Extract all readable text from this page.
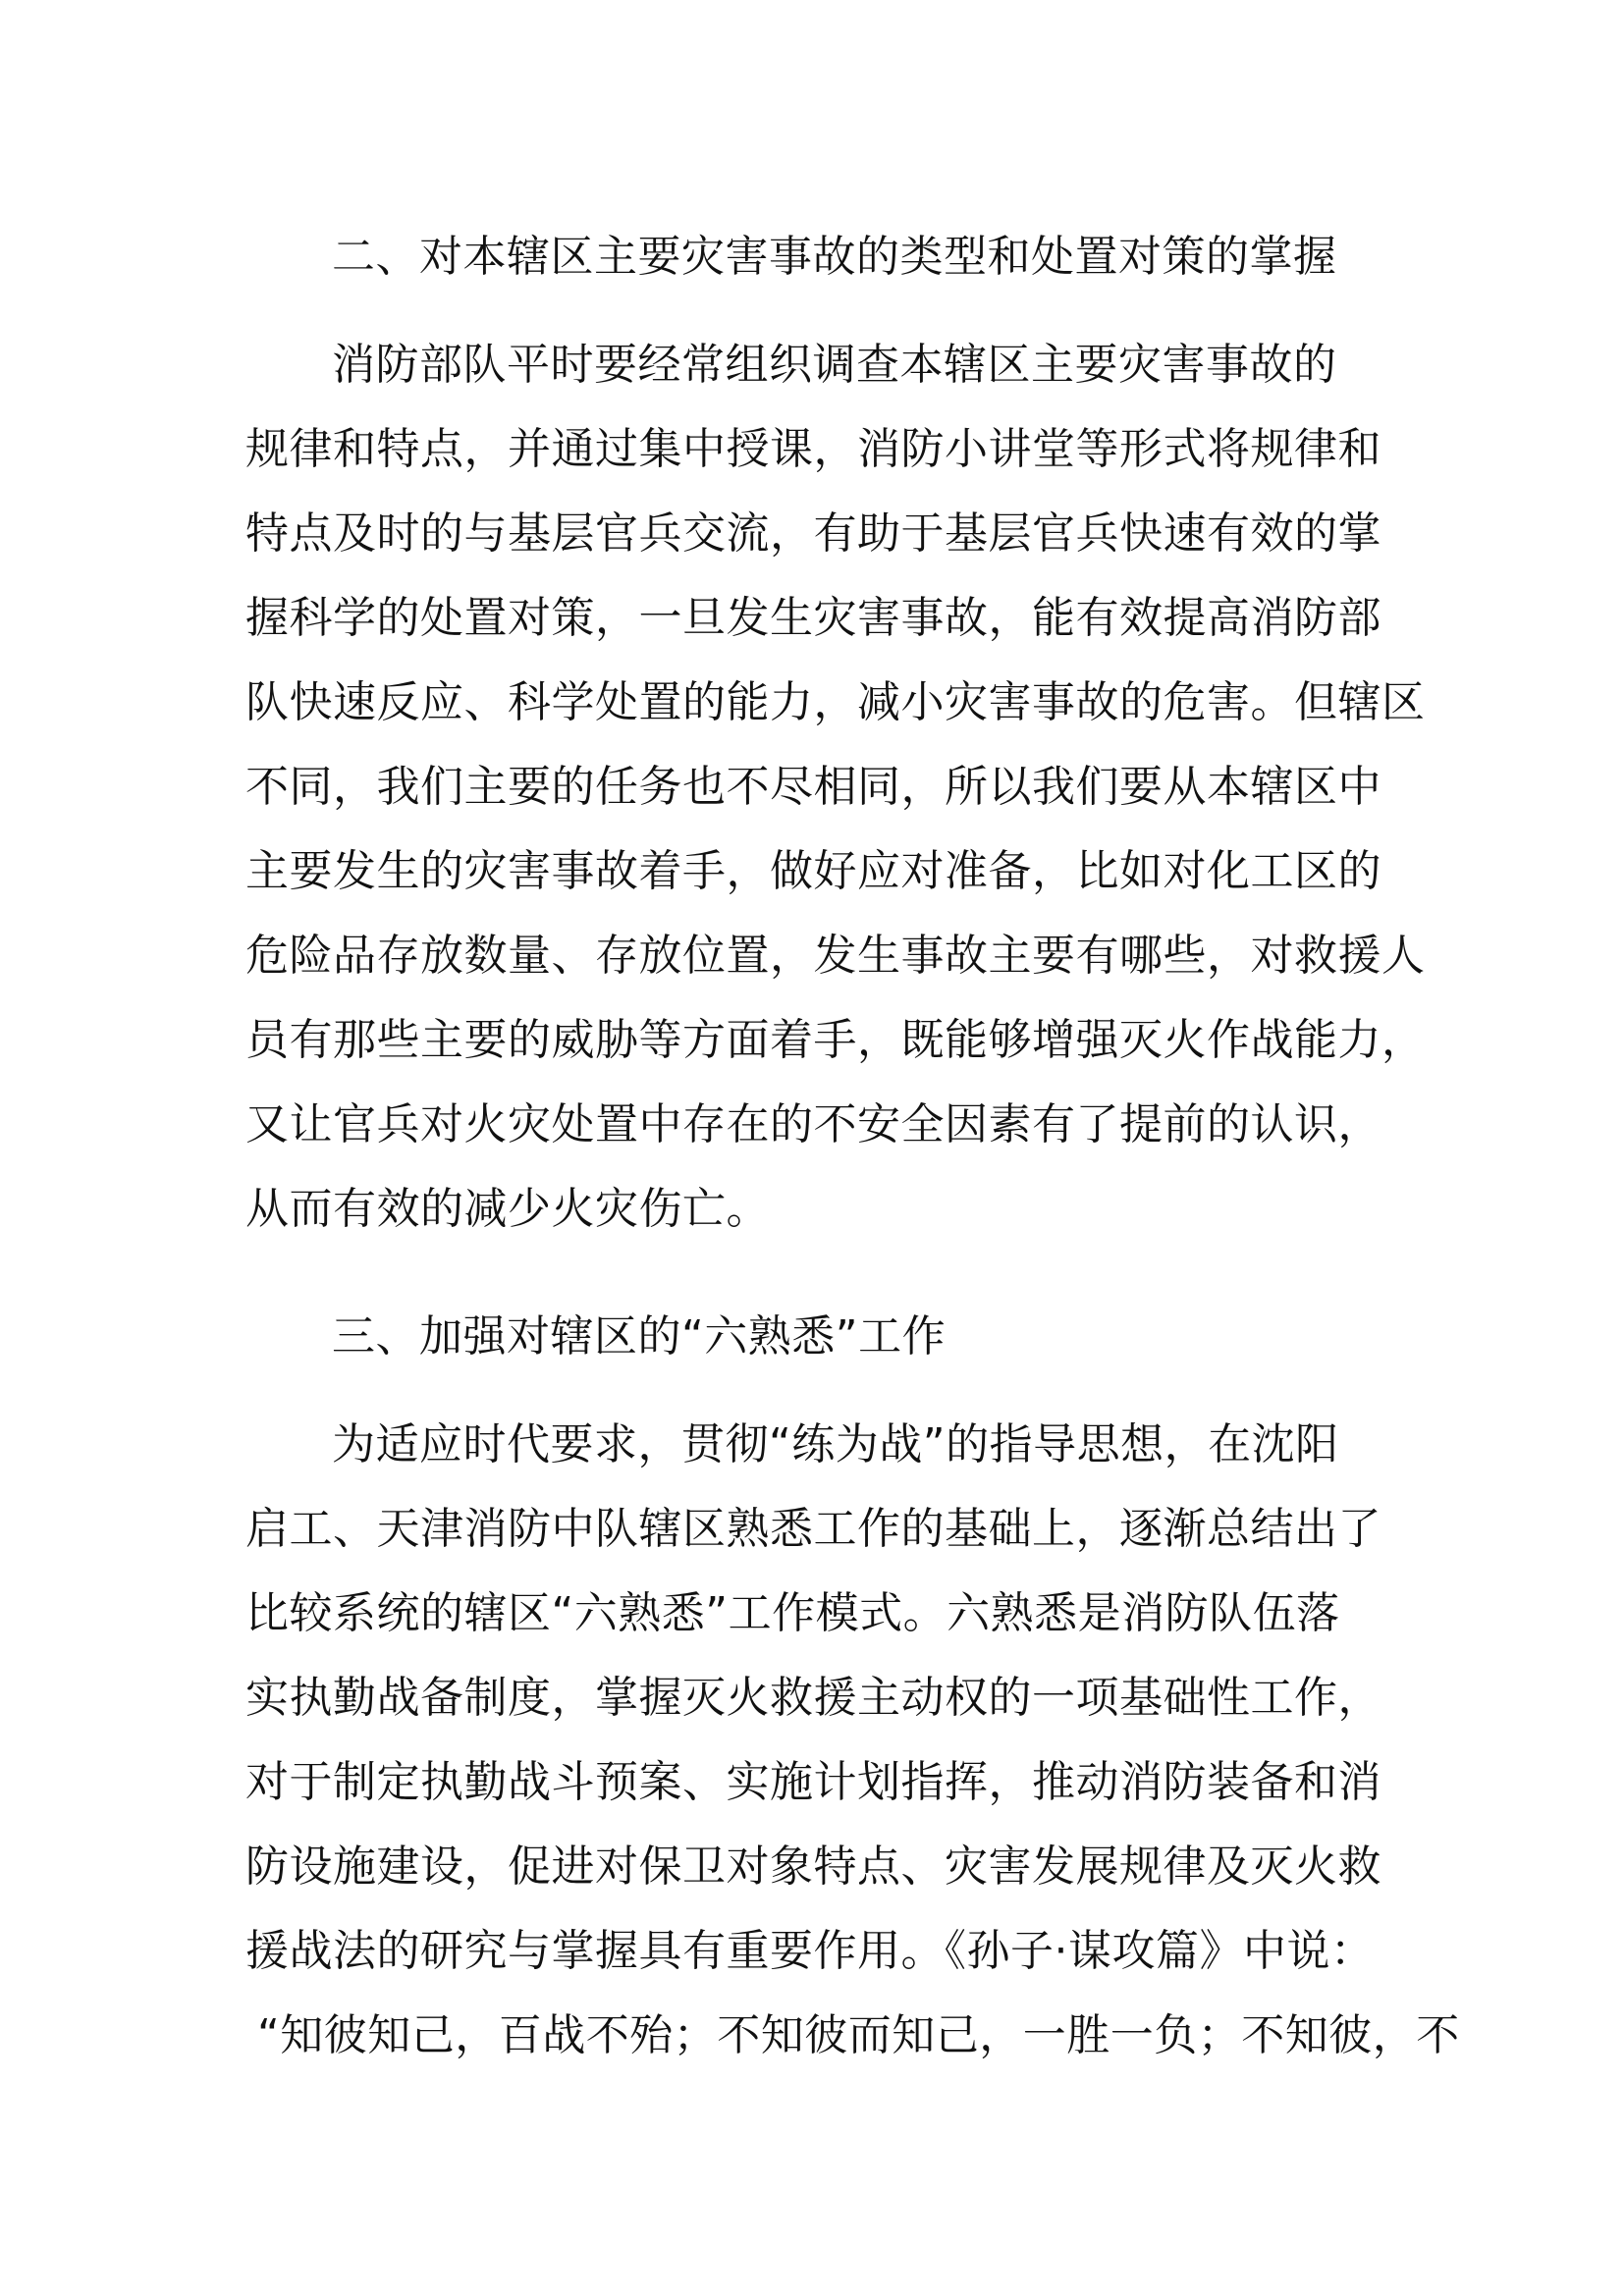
二、对本辖区主要灾害事故的类型和处置对策的掌握
消防部队平时要经常组织调查本辖区主要灾害事故的
规律和特点，并通过集中授课，消防小讲堂等形式将规律和
特点及时的与基层官兵交流，有助于基层官兵快速有效的掌
握科学的处置对策，一旦发生灾害事故，能有效提高消防部
队快速反应、科学处置的能力，减小灾害事故的危害。但辖区
不同，我们主要的任务也不尽相同，所以我们要从本辖区中
主要发生的灾害事故着手，做好应对准备，比如对化工区的
危险品存放数量、存放位置，发生事故主要有哪些，对救援人
员有那些主要的威胁等方面着手，既能够增强灭火作战能力，
又让官兵对火灾处置中存在的不安全因素有了提前的认识，
从而有效的减少火灾伤亡。
三、加强对辖区的“六熟悉”工作
为适应时代要求，贯彻“练为战”的指导思想，在沈阳
启工、天津消防中队辖区熟悉工作的基础上，逐渐总结出了
比较系统的辖区“六熟悉”工作模式。六熟悉是消防队伍落
实执勤战备制度，掌握灭火救援主动权的一项基础性工作，
对于制定执勤战斗预案、实施计划指挥，推动消防装备和消
防设施建设，促进对保卫对象特点、灾害发展规律及灭火救
援战法的研究与掌握具有重要作用。《孙子·谋攻篇》中说：
“知彼知己，百战不殆；不知彼而知己，一胜一负；不知彼，不
